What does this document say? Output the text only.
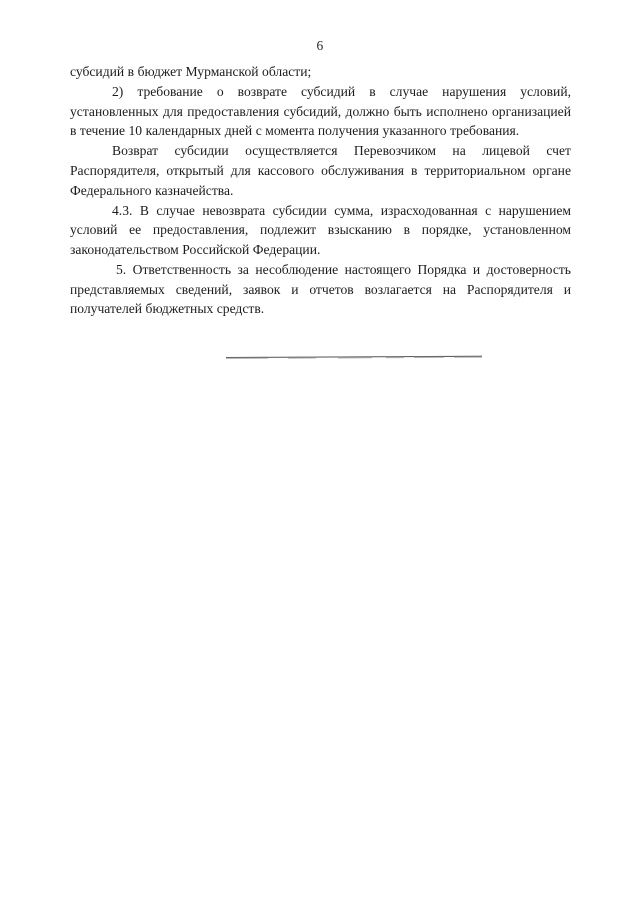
6

субсидий в бюджет Мурманской области;

2) требование о возврате субсидий в случае нарушения условий, установленных для предоставления субсидий, должно быть исполнено организацией в течение 10 календарных дней с момента получения указанного требования.

Возврат субсидии осуществляется Перевозчиком на лицевой счет Распорядителя, открытый для кассового обслуживания в территориальном органе Федерального казначейства.

4.3. В случае невозврата субсидии сумма, израсходованная с нарушением условий ее предоставления, подлежит взысканию в порядке, установленном законодательством Российской Федерации.

5. Ответственность за несоблюдение настоящего Порядка и достоверность представляемых сведений, заявок и отчетов возлагается на Распорядителя и получателей бюджетных средств.
